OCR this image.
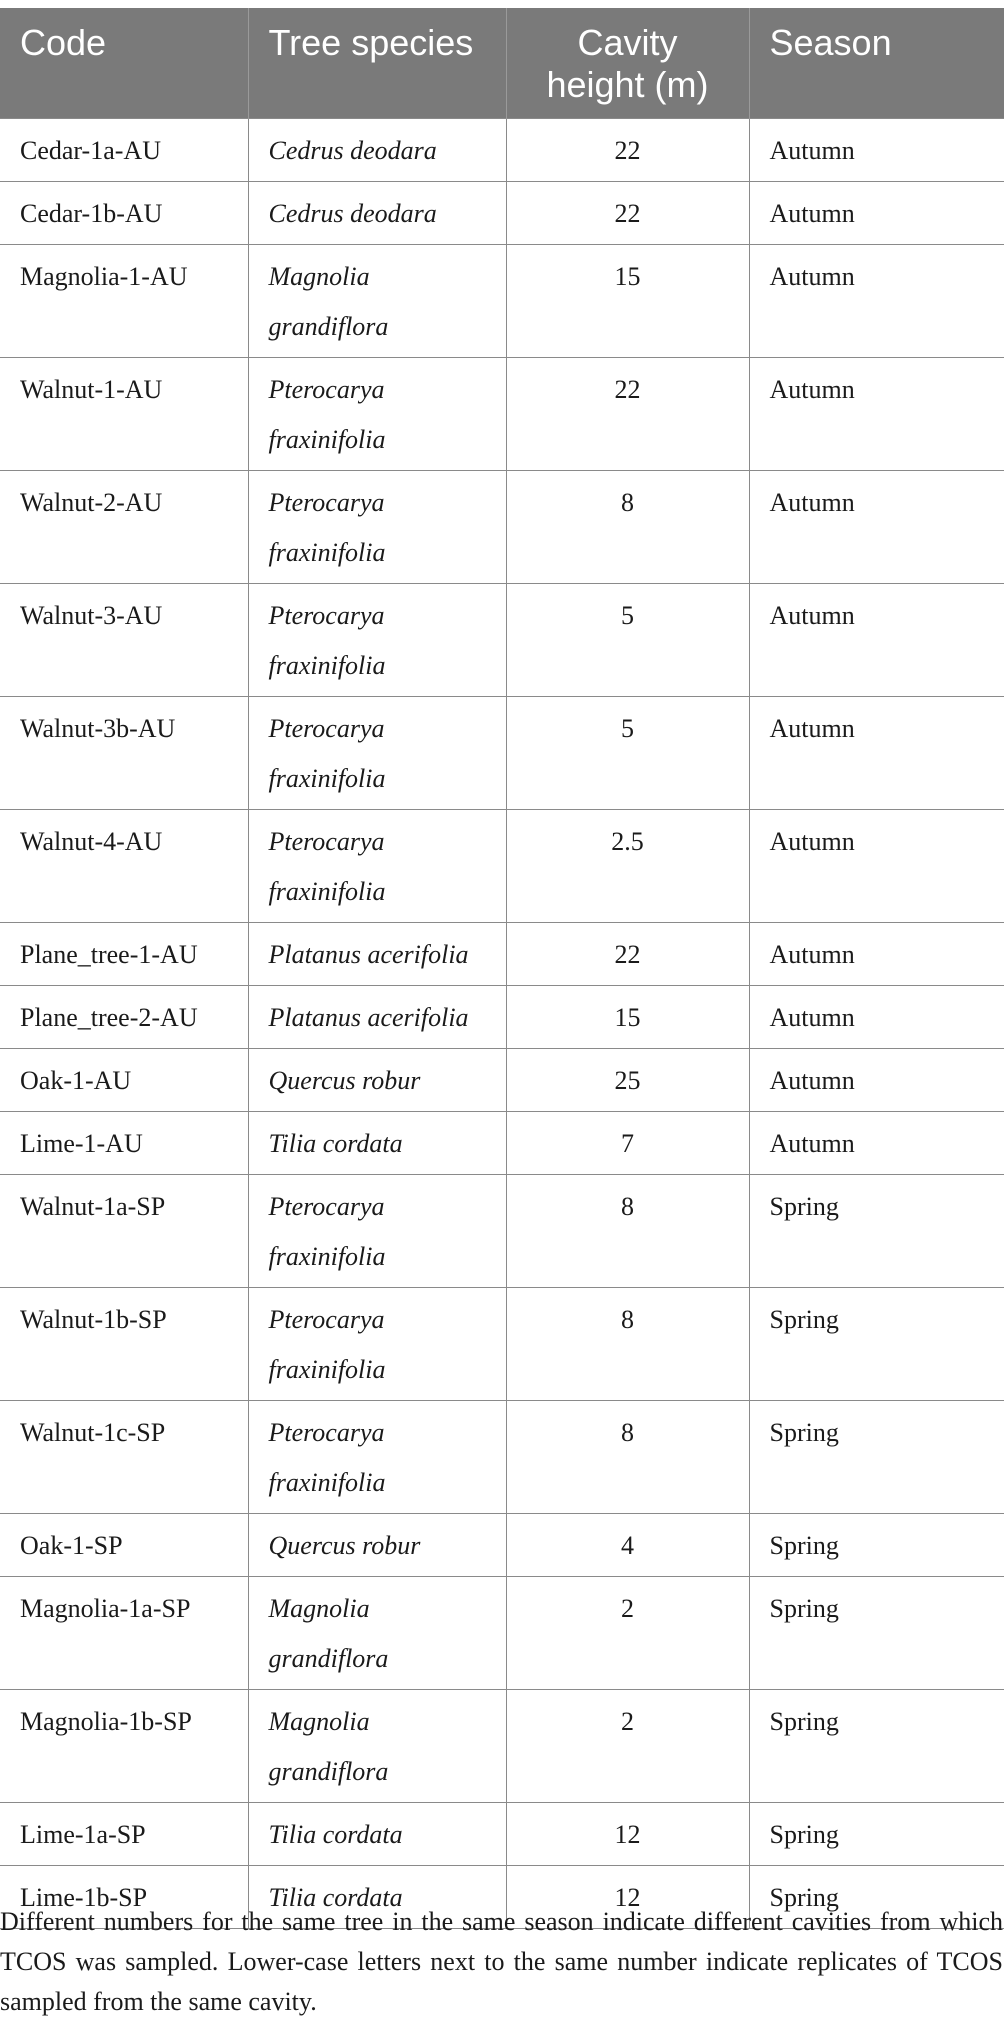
Code	Tree species	Cavity height (m)	Season
Cedar-1a-AU	Cedrus deodara	22	Autumn
Cedar-1b-AU	Cedrus deodara	22	Autumn
Magnolia-1-AU	Magnolia grandiflora	15	Autumn
Walnut-1-AU	Pterocarya fraxinifolia	22	Autumn
Walnut-2-AU	Pterocarya fraxinifolia	8	Autumn
Walnut-3-AU	Pterocarya fraxinifolia	5	Autumn
Walnut-3b-AU	Pterocarya fraxinifolia	5	Autumn
Walnut-4-AU	Pterocarya fraxinifolia	2.5	Autumn
Plane_tree-1-AU	Platanus acerifolia	22	Autumn
Plane_tree-2-AU	Platanus acerifolia	15	Autumn
Oak-1-AU	Quercus robur	25	Autumn
Lime-1-AU	Tilia cordata	7	Autumn
Walnut-1a-SP	Pterocarya fraxinifolia	8	Spring
Walnut-1b-SP	Pterocarya fraxinifolia	8	Spring
Walnut-1c-SP	Pterocarya fraxinifolia	8	Spring
Oak-1-SP	Quercus robur	4	Spring
Magnolia-1a-SP	Magnolia grandiflora	2	Spring
Magnolia-1b-SP	Magnolia grandiflora	2	Spring
Lime-1a-SP	Tilia cordata	12	Spring
Lime-1b-SP	Tilia cordata	12	Spring

Different numbers for the same tree in the same season indicate different cavities from which TCOS was sampled. Lower-case letters next to the same number indicate replicates of TCOS sampled from the same cavity.
